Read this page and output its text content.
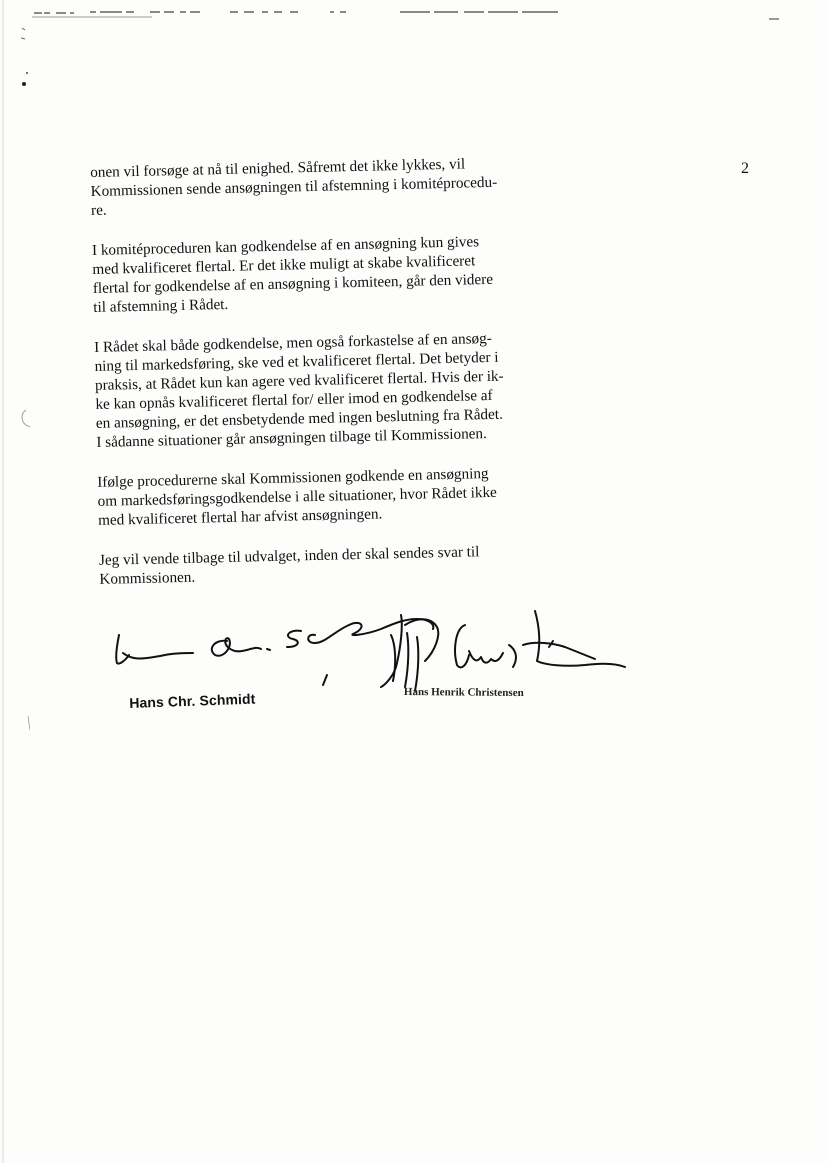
2

onen vil forsøge at nå til enighed. Såfremt det ikke lykkes, vil
Kommissionen sende ansøgningen til afstemning i komitéprocedu-
re.

I komitéproceduren kan godkendelse af en ansøgning kun gives
med kvalificeret flertal. Er det ikke muligt at skabe kvalificeret
flertal for godkendelse af en ansøgning i komiteen, går den videre
til afstemning i Rådet.

I Rådet skal både godkendelse, men også forkastelse af en ansøg-
ning til markedsføring, ske ved et kvalificeret flertal. Det betyder i
praksis, at Rådet kun kan agere ved kvalificeret flertal. Hvis der ik-
ke kan opnås kvalificeret flertal for/ eller imod en godkendelse af
en ansøgning, er det ensbetydende med ingen beslutning fra Rådet.
I sådanne situationer går ansøgningen tilbage til Kommissionen.

Ifølge procedurerne skal Kommissionen godkende en ansøgning
om markedsføringsgodkendelse i alle situationer, hvor Rådet ikke
med kvalificeret flertal har afvist ansøgningen.

Jeg vil vende tilbage til udvalget, inden der skal sendes svar til
Kommissionen.

Hans Chr. Schmidt	Hans Henrik Christensen
